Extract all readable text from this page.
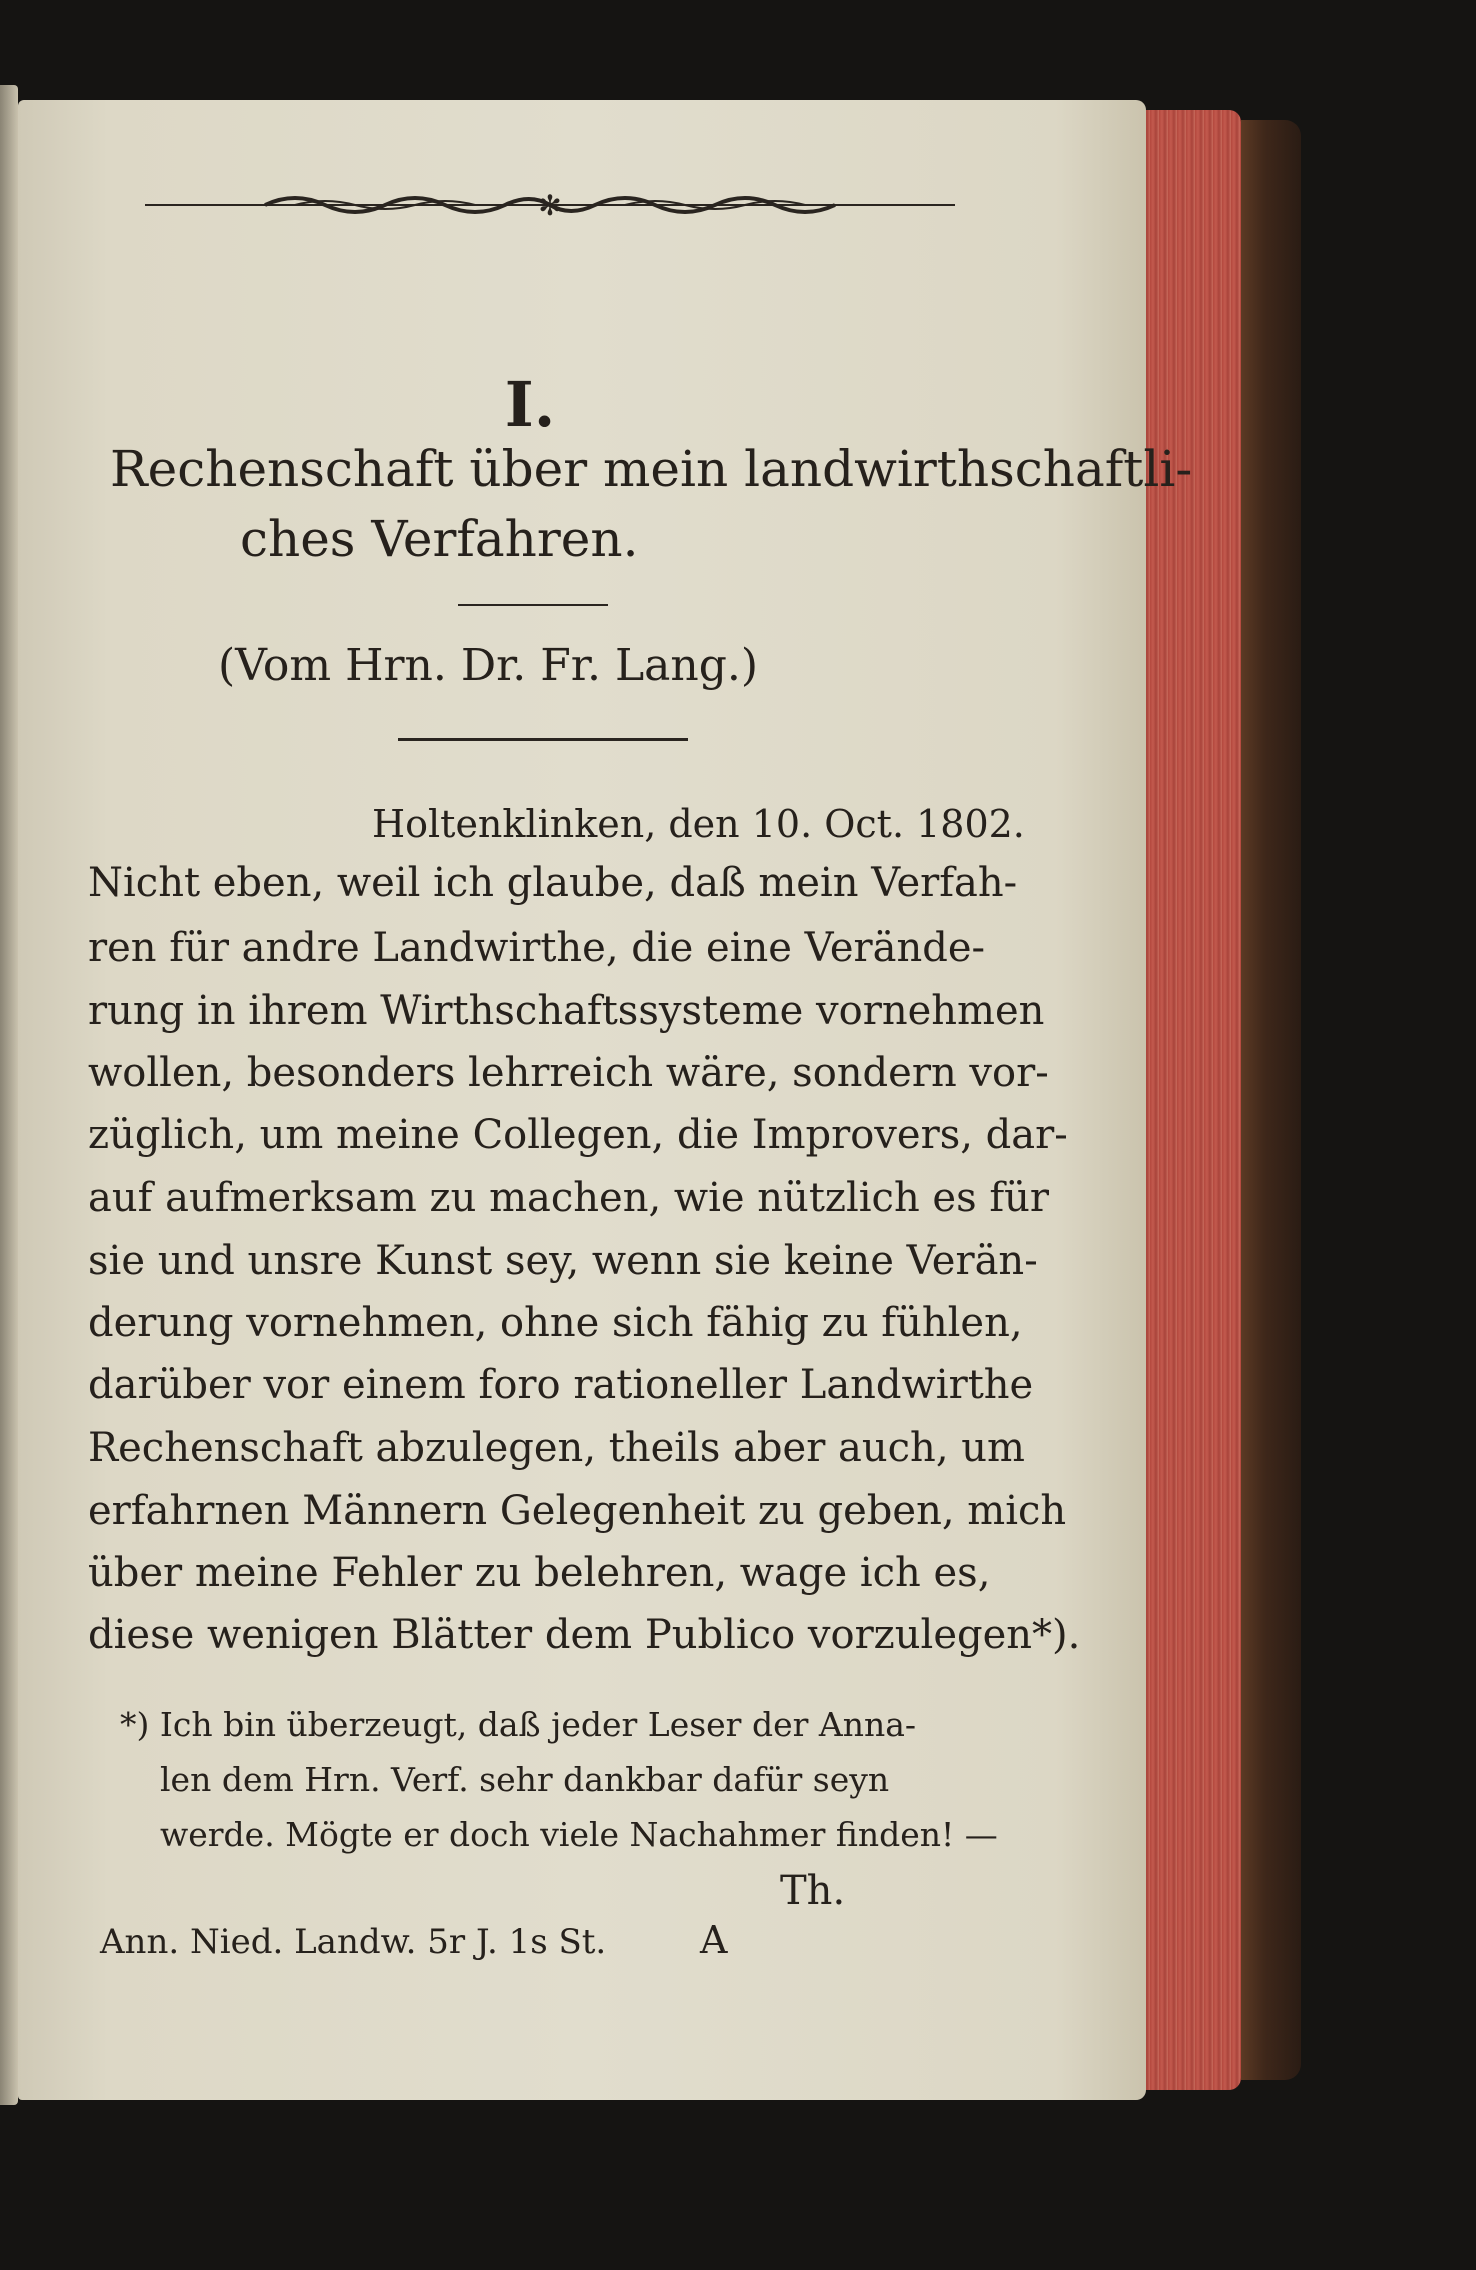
✻
I.
Rechenschaft über mein landwirthschaftli-
ches Verfahren.
(Vom Hrn. Dr. Fr. Lang.)
Holtenklinken, den 10. Oct. 1802.
Nicht eben, weil ich glaube, daß mein Verfah-
ren für andre Landwirthe, die eine Verände-
rung in ihrem Wirthschaftssysteme vornehmen
wollen, besonders lehrreich wäre, sondern vor-
züglich, um meine Collegen, die Improvers, dar-
auf aufmerksam zu machen, wie nützlich es für
sie und unsre Kunst sey, wenn sie keine Verän-
derung vornehmen, ohne sich fähig zu fühlen,
darüber vor einem foro rationeller Landwirthe
Rechenschaft abzulegen, theils aber auch, um
erfahrnen Männern Gelegenheit zu geben, mich
über meine Fehler zu belehren, wage ich es,
diese wenigen Blätter dem Publico vorzulegen*).
*) Ich bin überzeugt, daß jeder Leser der Anna-
len dem Hrn. Verf. sehr dankbar dafür seyn
werde. Mögte er doch viele Nachahmer finden! —
Th.
Ann. Nied. Landw. 5r J. 1s St. A
